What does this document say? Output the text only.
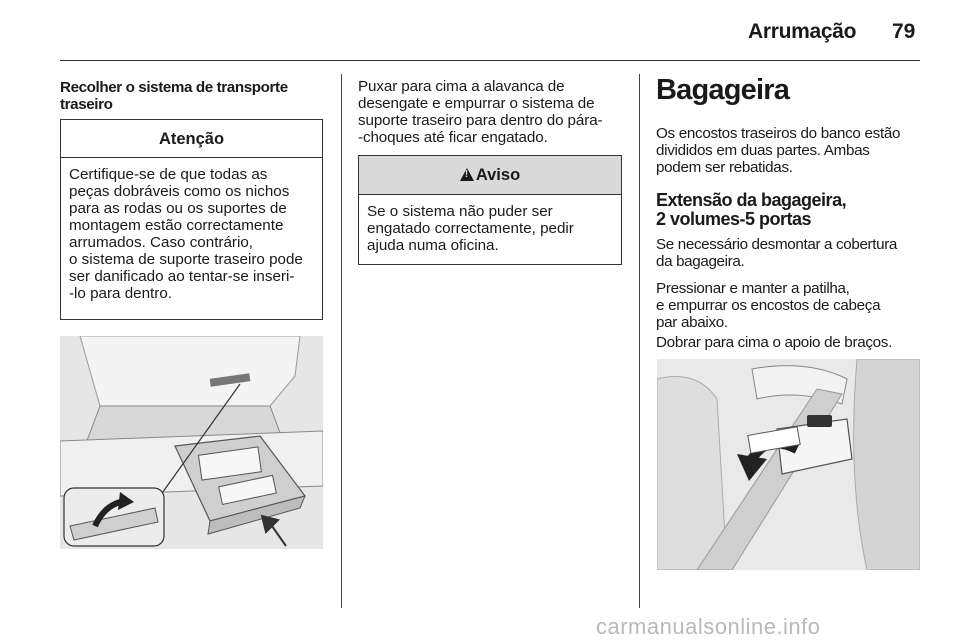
Arrumação 79
Recolher o sistema de transporte
traseiro
Atenção
Certifique-se de que todas as
peças dobráveis como os nichos
para as rodas ou os suportes de
montagem estão correctamente
arrumados. Caso contrário,
o sistema de suporte traseiro pode
ser danificado ao tentar-se inseri-
-lo para dentro.
Puxar para cima a alavanca de
desengate e empurrar o sistema de
suporte traseiro para dentro do pára-
-choques até ficar engatado.
!
Aviso
Se o sistema não puder ser
engatado correctamente, pedir
ajuda numa oficina.
Bagageira
Os encostos traseiros do banco estão
divididos em duas partes. Ambas
podem ser rebatidas.
Extensão da bagageira,
2 volumes-5 portas
Se necessário desmontar a cobertura
da bagageira.
Pressionar e manter a patilha,
e empurrar os encostos de cabeça
par abaixo.
Dobrar para cima o apoio de braços.
carmanualsonline.info
